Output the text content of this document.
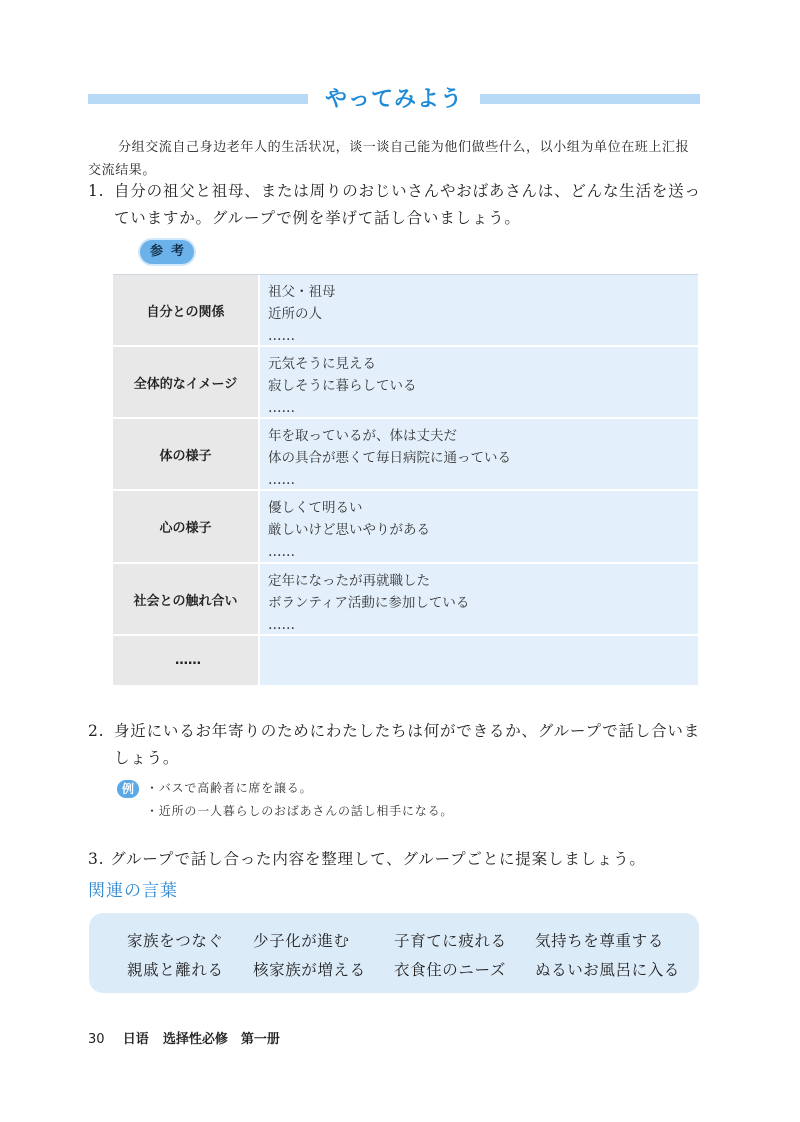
やってみよう
分组交流自己身边老年人的生活状况，谈一谈自己能为他们做些什么，以小组为单位在班上汇报交流结果。
1. 自分の祖父と祖母、または周りのおじいさんやおばあさんは、どんな生活を送っていますか。グループで例を挙げて話し合いましょう。
参考
自分との関係
祖父・祖母
近所の人
……
全体的なイメージ
元気そうに見える
寂しそうに暮らしている
……
体の様子
年を取っているが、体は丈夫だ
体の具合が悪くて毎日病院に通っている
……
心の様子
優しくて明るい
厳しいけど思いやりがある
……
社会との触れ合い
定年になったが再就職した
ボランティア活動に参加している
……
……
2. 身近にいるお年寄りのためにわたしたちは何ができるか、グループで話し合いましょう。
例	・バスで高齢者に席を譲る。
・近所の一人暮らしのおばあさんの話し相手になる。
3. グループで話し合った内容を整理して、グループごとに提案しましょう。
関連の言葉
家族をつなぐ 少子化が進む	子育てに疲れる 気持ちを尊重する
親戚と離れる 核家族が増える 衣食住のニーズ ぬるいお風呂に入る
30 日语 选择性必修　第一册
